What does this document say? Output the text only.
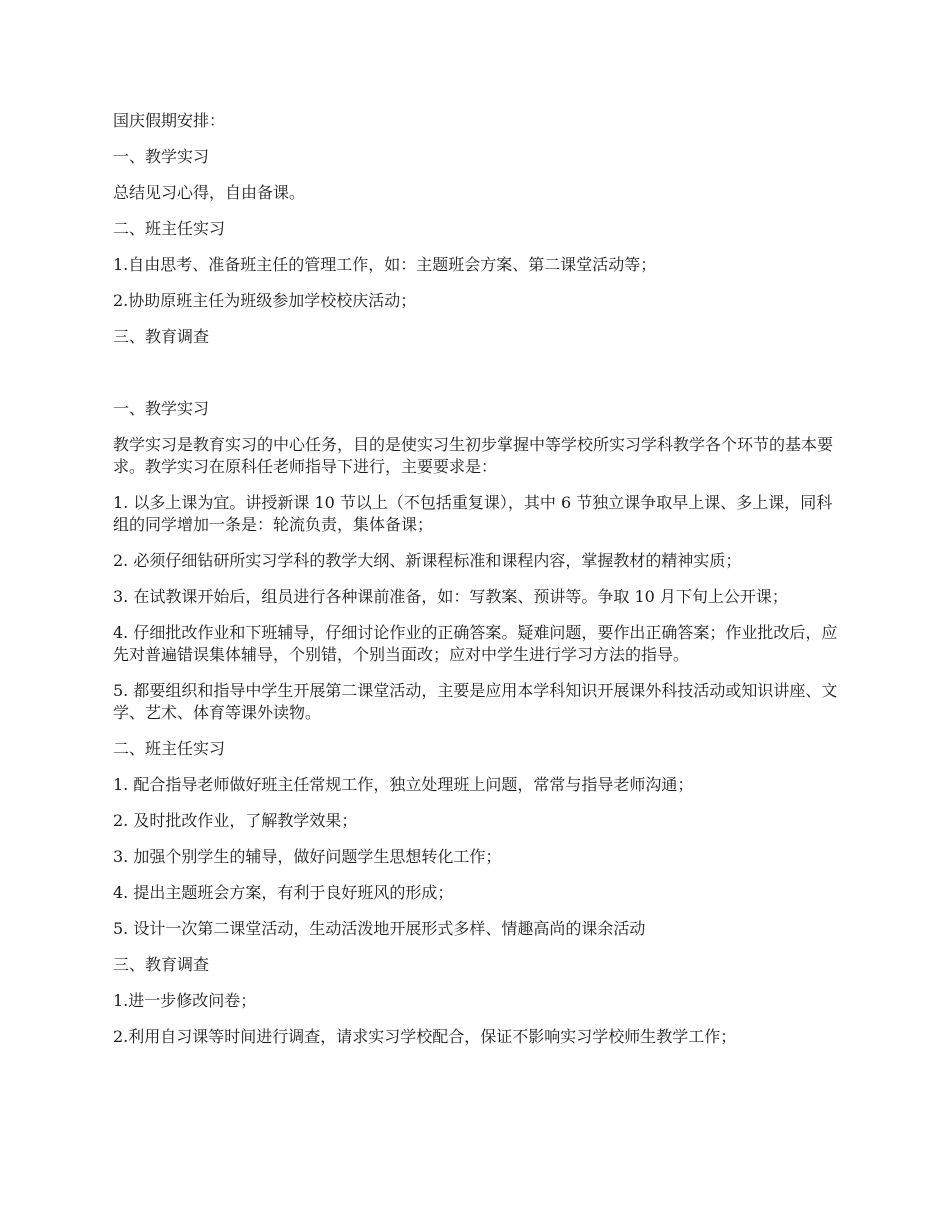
国庆假期安排：

一、教学实习

总结见习心得，自由备课。

二、班主任实习

1.自由思考、准备班主任的管理工作，如：主题班会方案、第二课堂活动等；

2.协助原班主任为班级参加学校校庆活动；

三、教育调查

一、教学实习

教学实习是教育实习的中心任务，目的是使实习生初步掌握中等学校所实习学科教学各个环节的基本要求。教学实习在原科任老师指导下进行，主要要求是：

1. 以多上课为宜。讲授新课 10 节以上（不包括重复课），其中 6 节独立课争取早上课、多上课，同科组的同学增加一条是：轮流负责，集体备课；

2. 必须仔细钻研所实习学科的教学大纲、新课程标准和课程内容，掌握教材的精神实质；

3. 在试教课开始后，组员进行各种课前准备，如：写教案、预讲等。争取 10 月下旬上公开课；

4. 仔细批改作业和下班辅导，仔细讨论作业的正确答案。疑难问题，要作出正确答案；作业批改后，应先对普遍错误集体辅导，个别错，个别当面改；应对中学生进行学习方法的指导。

5. 都要组织和指导中学生开展第二课堂活动，主要是应用本学科知识开展课外科技活动或知识讲座、文学、艺术、体育等课外读物。

二、班主任实习

1. 配合指导老师做好班主任常规工作，独立处理班上问题，常常与指导老师沟通；

2. 及时批改作业，了解教学效果；

3. 加强个别学生的辅导，做好问题学生思想转化工作；

4. 提出主题班会方案，有利于良好班风的形成；

5. 设计一次第二课堂活动，生动活泼地开展形式多样、情趣高尚的课余活动

三、教育调查

1.进一步修改问卷；

2.利用自习课等时间进行调查，请求实习学校配合，保证不影响实习学校师生教学工作；
